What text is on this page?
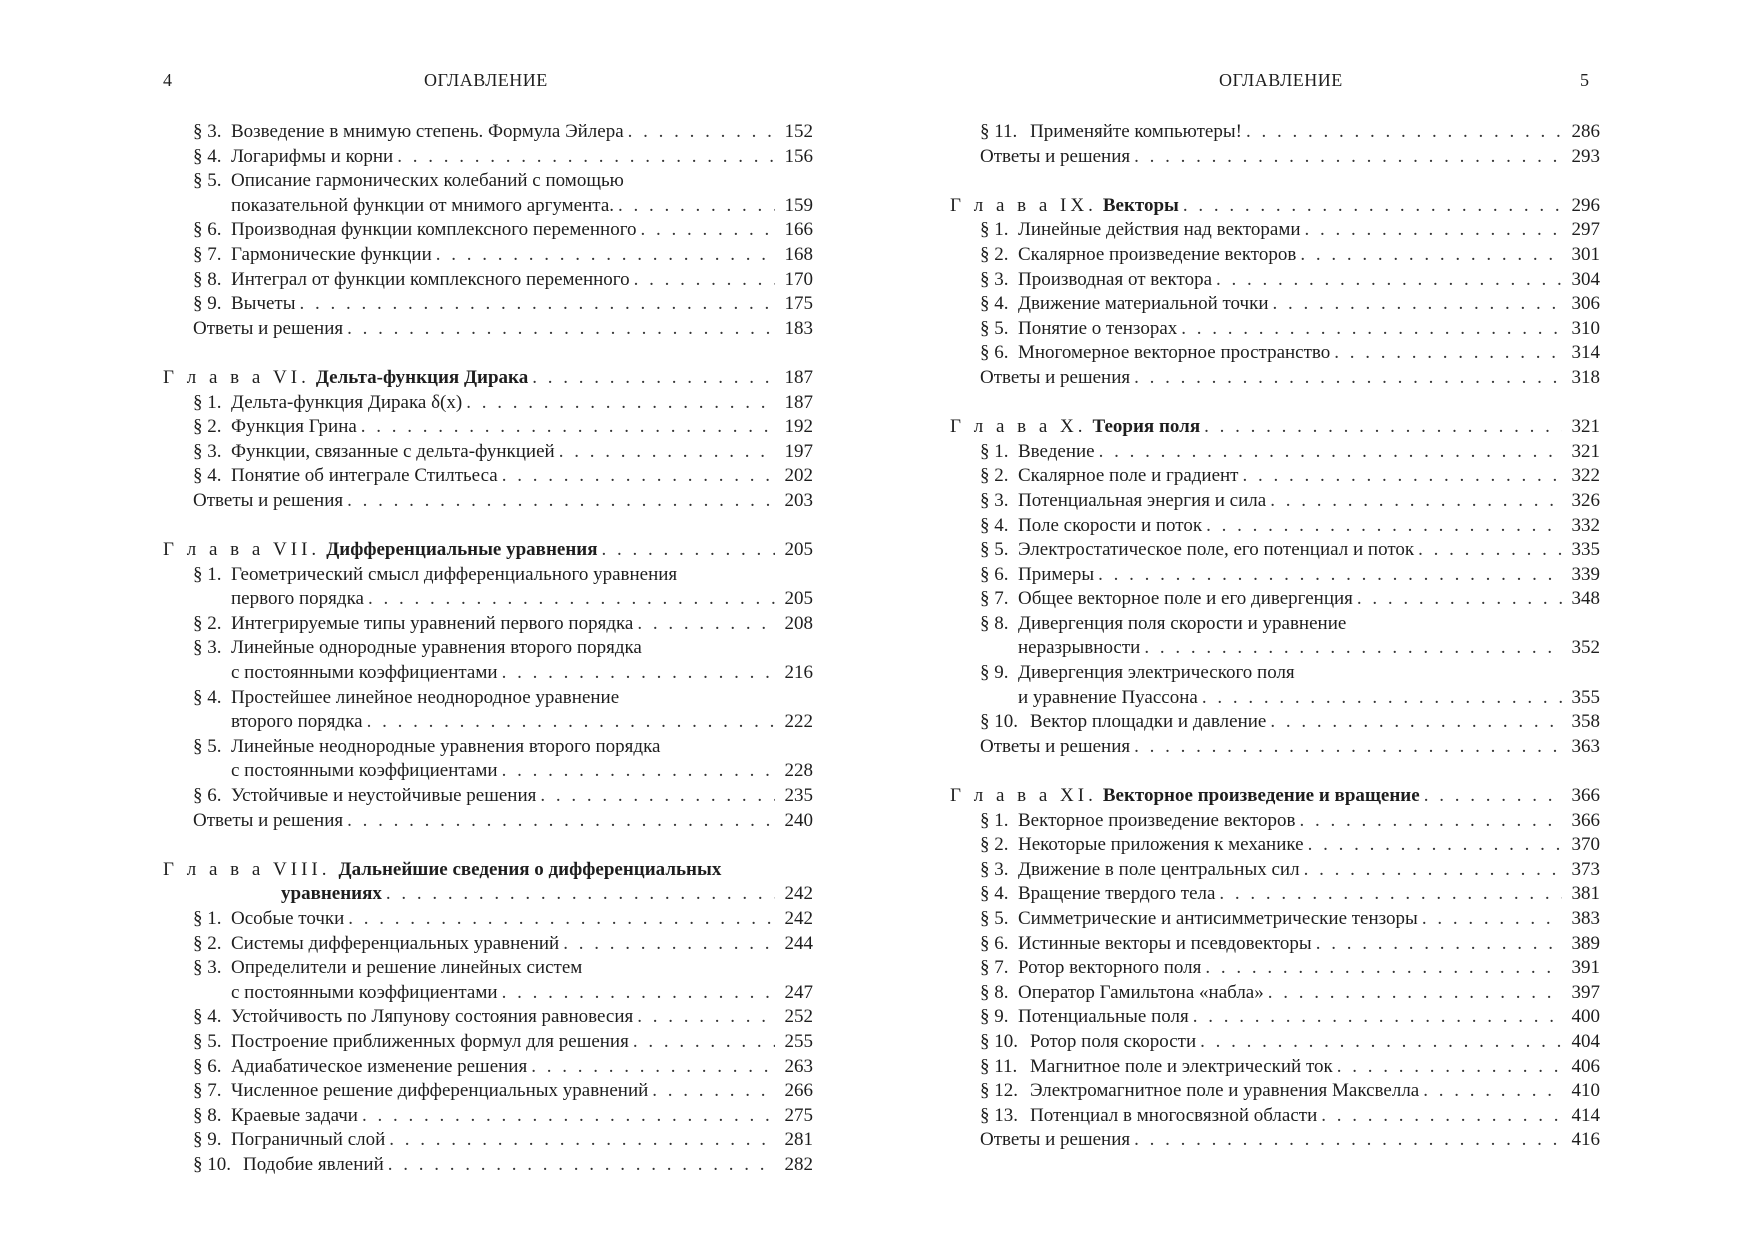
4	ОГЛАВЛЕНИЕ
§ 3. Возведение в мнимую степень. Формула Эйлера . . .	152
§ 4. Логарифмы и корни . . .	156
§ 5. Описание гармонических колебаний с помощью
показательной функции от мнимого аргумента. . . .	159
§ 6. Производная функции комплексного переменного . . .	166
§ 7. Гармонические функции . . .	168
§ 8. Интеграл от функции комплексного переменного . . .	170
§ 9. Вычеты . . .	175
Ответы и решения . . .	183
Г л а в а VI. Дельта-функция Дирака . . .	187
§ 1. Дельта-функция Дирака δ(x) . . .	187
§ 2. Функция Грина . . .	192
§ 3. Функции, связанные с дельта-функцией . . .	197
§ 4. Понятие об интеграле Стилтьеса . . .	202
Ответы и решения . . .	203
Г л а в а VII. Дифференциальные уравнения . . .	205
§ 1. Геометрический смысл дифференциального уравнения
первого порядка . . .	205
§ 2. Интегрируемые типы уравнений первого порядка . . .	208
§ 3. Линейные однородные уравнения второго порядка
с постоянными коэффициентами . . .	216
§ 4. Простейшее линейное неоднородное уравнение
второго порядка . . .	222
§ 5. Линейные неоднородные уравнения второго порядка
с постоянными коэффициентами . . .	228
§ 6. Устойчивые и неустойчивые решения . . .	235
Ответы и решения . . .	240
Г л а в а VIII. Дальнейшие сведения о дифференциальных
уравнениях . . .	242
§ 1. Особые точки . . .	242
§ 2. Системы дифференциальных уравнений . . .	244
§ 3. Определители и решение линейных систем
с постоянными коэффициентами . . .	247
§ 4. Устойчивость по Ляпунову состояния равновесия . . .	252
§ 5. Построение приближенных формул для решения . . .	255
§ 6. Адиабатическое изменение решения . . .	263
§ 7. Численное решение дифференциальных уравнений . . .	266
§ 8. Краевые задачи . . .	275
§ 9. Пограничный слой . . .	281
§ 10. Подобие явлений . . .	282
ОГЛАВЛЕНИЕ	5
§ 11. Применяйте компьютеры! . . .	286
Ответы и решения . . .	293
Г л а в а IX. Векторы . . .	296
§ 1. Линейные действия над векторами . . .	297
§ 2. Скалярное произведение векторов . . .	301
§ 3. Производная от вектора . . .	304
§ 4. Движение материальной точки . . .	306
§ 5. Понятие о тензорах . . .	310
§ 6. Многомерное векторное пространство . . .	314
Ответы и решения . . .	318
Г л а в а X. Теория поля . . .	321
§ 1. Введение . . .	321
§ 2. Скалярное поле и градиент . . .	322
§ 3. Потенциальная энергия и сила . . .	326
§ 4. Поле скорости и поток . . .	332
§ 5. Электростатическое поле, его потенциал и поток . . .	335
§ 6. Примеры . . .	339
§ 7. Общее векторное поле и его дивергенция . . .	348
§ 8. Дивергенция поля скорости и уравнение
неразрывности . . .	352
§ 9. Дивергенция электрического поля
и уравнение Пуассона . . .	355
§ 10. Вектор площадки и давление . . .	358
Ответы и решения . . .	363
Г л а в а XI. Векторное произведение и вращение . . .	366
§ 1. Векторное произведение векторов . . .	366
§ 2. Некоторые приложения к механике . . .	370
§ 3. Движение в поле центральных сил . . .	373
§ 4. Вращение твердого тела . . .	381
§ 5. Симметрические и антисимметрические тензоры . . .	383
§ 6. Истинные векторы и псевдовекторы . . .	389
§ 7. Ротор векторного поля . . .	391
§ 8. Оператор Гамильтона «набла» . . .	397
§ 9. Потенциальные поля . . .	400
§ 10. Ротор поля скорости . . .	404
§ 11. Магнитное поле и электрический ток . . .	406
§ 12. Электромагнитное поле и уравнения Максвелла . . .	410
§ 13. Потенциал в многосвязной области . . .	414
Ответы и решения . . .	416
